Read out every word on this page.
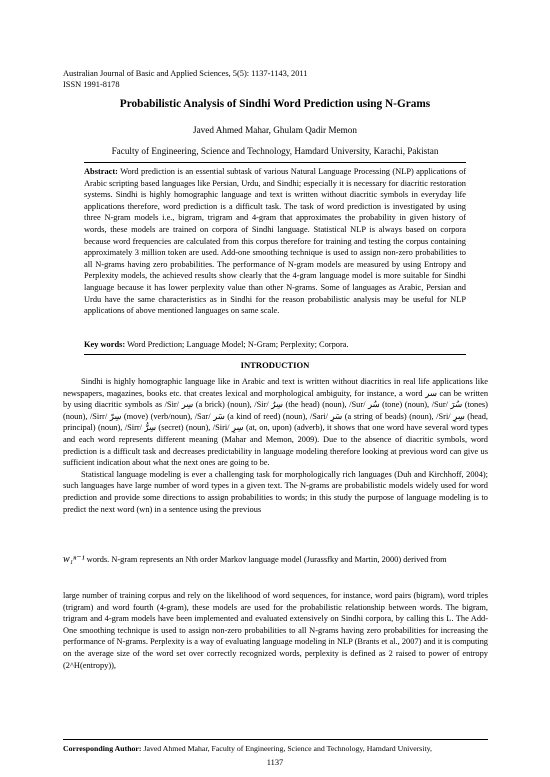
Australian Journal of Basic and Applied Sciences, 5(5): 1137-1143, 2011
ISSN 1991-8178
Probabilistic Analysis of Sindhi Word Prediction using N-Grams
Javed Ahmed Mahar, Ghulam Qadir Memon
Faculty of Engineering, Science and Technology, Hamdard University, Karachi, Pakistan
Abstract: Word prediction is an essential subtask of various Natural Language Processing (NLP) applications of Arabic scripting based languages like Persian, Urdu, and Sindhi; especially it is necessary for diacritic restoration systems. Sindhi is highly homographic language and text is written without diacritic symbols in everyday life applications therefore, word prediction is a difficult task. The task of word prediction is investigated by using three N-gram models i.e., bigram, trigram and 4-gram that approximates the probability in given history of words, these models are trained on corpora of Sindhi language. Statistical NLP is always based on corpora because word frequencies are calculated from this corpus therefore for training and testing the corpus containing approximately 3 million token are used. Add-one smoothing technique is used to assign non-zero probabilities to all N-grams having zero probabilities. The performance of N-gram models are measured by using Entropy and Perplexity models, the achieved results show clearly that the 4-gram language model is more suitable for Sindhi language because it has lower perplexity value than other N-grams. Some of languages as Arabic, Persian and Urdu have the same characteristics as in Sindhi for the reason probabilistic analysis may be useful for NLP applications of above mentioned languages on same scale.
Key words: Word Prediction; Language Model; N-Gram; Perplexity; Corpora.
INTRODUCTION

Sindhi is highly homographic language like in Arabic and text is written without diacritics in real life applications like newspapers, magazines, books etc. that creates lexical and morphological ambiguity, for instance, a word سر can be written by using diacritic symbols as /Sir/ سِر (a brick) (noun), /Sir/ سِرُ (the head) (noun), /Sur/ سُر (tone) (noun), /Sur/ سُرَ (tones) (noun), /Sirr/ سِرّ (move) (verb/noun), /Sar/ سَر (a kind of reed) (noun), /Sari/ سَرِ (a string of beads) (noun), /Sri/ سِرِ (head, principal) (noun), /Sirr/ سِرُّ (secret) (noun), /Siri/ سِرِ (at, on, upon) (adverb), it shows that one word have several word types and each word represents different meaning (Mahar and Memon, 2009). Due to the absence of diacritic symbols, word prediction is a difficult task and decreases predictability in language modeling therefore looking at previous word can give us sufficient indication about what the next ones are going to be.

Statistical language modeling is ever a challenging task for morphologically rich languages (Duh and Kirchhoff, 2004); such languages have large number of word types in a given text. The N-grams are probabilistic models widely used for word prediction and provide some directions to assign probabilities to words; in this study the purpose of language modeling is to predict the next word (wn) in a sentence using the previous

w₁ⁿ⁻¹ words. N-gram represents an Nth order Markov language model (Jurassfky and Martin, 2000) derived from

large number of training corpus and rely on the likelihood of word sequences, for instance, word pairs (bigram), word triples (trigram) and word fourth (4-gram), these models are used for the probabilistic relationship between words. The bigram, trigram and 4-gram models have been implemented and evaluated extensively on Sindhi corpora, by calling this L. The Add-One smoothing technique is used to assign non-zero probabilities to all N-grams having zero probabilities for increasing the performance of N-grams. Perplexity is a way of evaluating language modeling in NLP (Brants et al., 2007) and it is computing on the average size of the word set over correctly recognized words, perplexity is defined as 2 raised to power of entropy (2^H(entropy)),

Corresponding Author: Javed Ahmed Mahar, Faculty of Engineering, Science and Technology, Hamdard University,
1137
